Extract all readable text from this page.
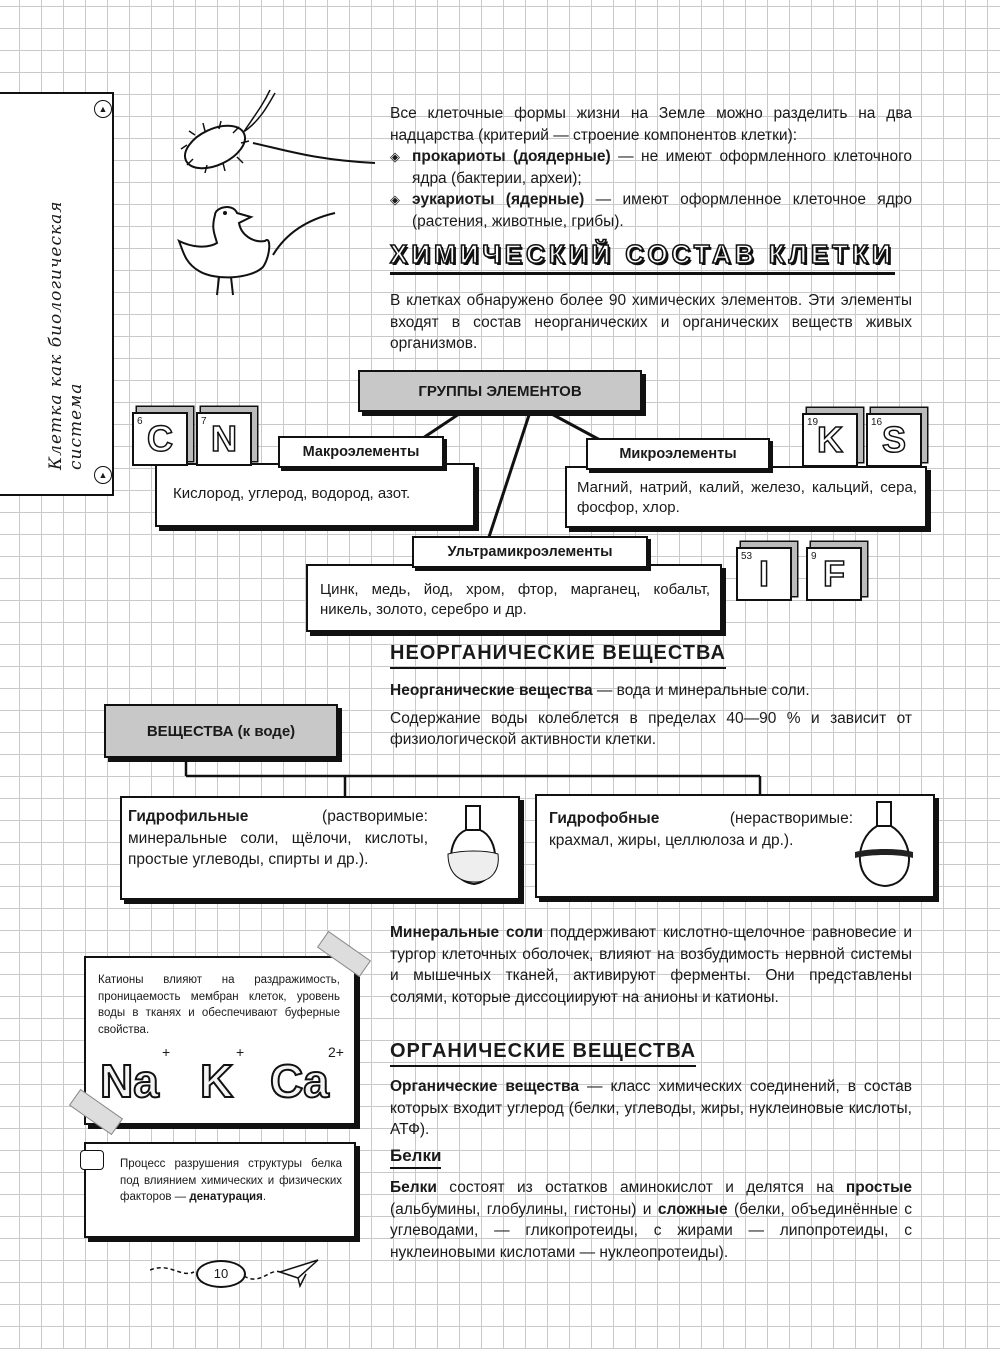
Клетка как биологическая система
▲
▲

Все клеточные формы жизни на Земле можно разделить на два надцарства (критерий — строение компонентов клетки):

◈ прокариоты (доядерные) — не имеют оформленного клеточного ядра (бактерии, археи);

◈ эукариоты (ядерные) — имеют оформленное клеточное ядро (растения, животные, грибы).

ХИМИЧЕСКИЙ СОСТАВ КЛЕТКИ
В клетках обнаружено более 90 химических элементов. Эти элементы входят в состав неорганических и органических веществ живых организмов.
ГРУППЫ ЭЛЕМЕНТОВ

Кислород, углерод, водород, азот.

Макроэлементы

Магний, натрий, калий, железо, кальций, сера, фосфор, хлор.

Микроэлементы

Цинк, медь, йод, хром, фтор, марганец, кобальт, никель, золото, серебро и др.

Ультрамикроэлементы
6 C	7 N	19
K	16 S
53 I	9 F
НЕОРГАНИЧЕСКИЕ ВЕЩЕСТВА

Неорганические вещества — вода и минеральные соли.

Содержание воды колеблется в пределах 40—90 % и зависит от физиологической активности клетки.

ВЕЩЕСТВА (к воде)

Гидрофильные (растворимые: минеральные соли, щёлочи, кислоты, простые углеводы, спирты и др.).

Гидрофобные (нерастворимые: крахмал, жиры, целлюлоза и др.).

Минеральные соли поддерживают кислотно-щелочное равновесие и тургор клеточных оболочек, влияют на возбудимость нервной системы и мышечных тканей, активируют ферменты. Они представлены солями, которые диссоциируют на анионы и катионы.

Катионы влияют на раздражимость, проницаемость мембран клеток, уровень воды в тканях и обеспечивают буферные свойства.

Na
+
K
+
Ca
2+

Процесс разрушения структуры белка под влиянием химических и физических факторов — денатурация.

ОРГАНИЧЕСКИЕ ВЕЩЕСТВА

Органические вещества — класс химических соединений, в состав которых входит углерод (белки, углеводы, жиры, нуклеиновые кислоты, АТФ).

Белки

Белки состоят из остатков аминокислот и делятся на простые (альбумины, глобулины, гистоны) и сложные (белки, объединённые с углеводами, — гликопротеиды, с жирами — липопротеиды, с нуклеиновыми кислотами — нуклеопротеиды).

10
